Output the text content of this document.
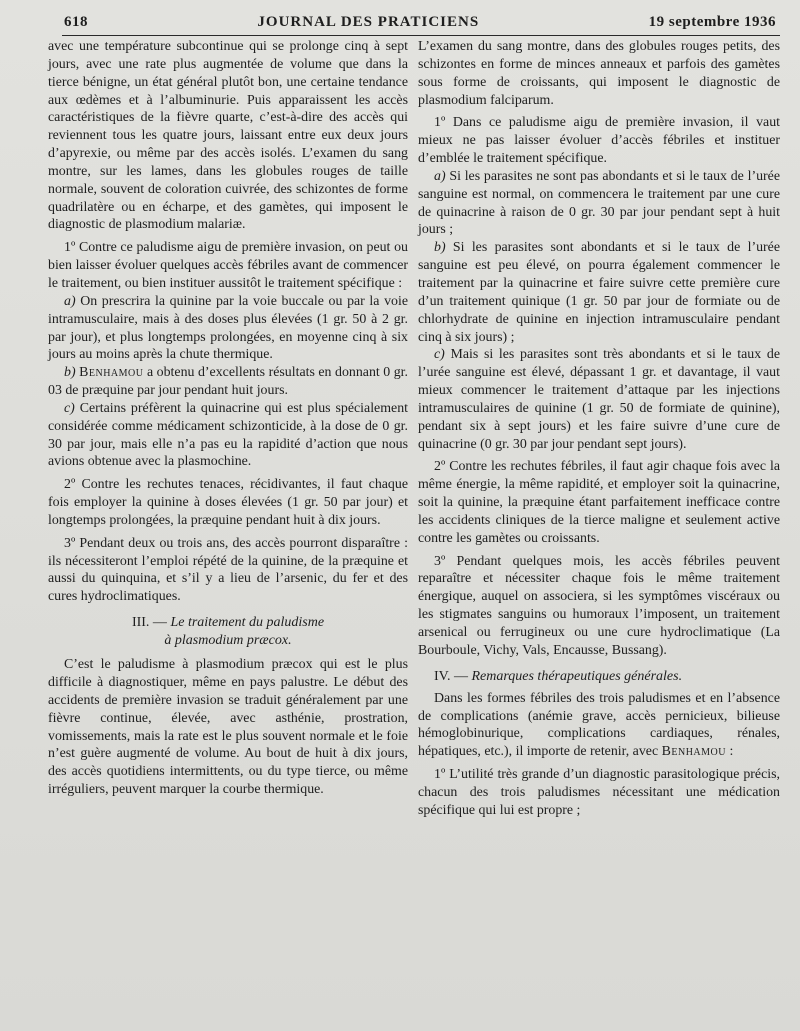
618	JOURNAL DES PRATICIENS	19 septembre 1936

avec une température subcontinue qui se prolonge cinq à sept jours, avec une rate plus augmentée de volume que dans la tierce bénigne, un état général plutôt bon, une certaine tendance aux œdèmes et à l’albuminurie. Puis apparaissent les accès caractéristiques de la fièvre quarte, c’est-à-dire des accès qui reviennent tous les quatre jours, laissant entre eux deux jours d’apyrexie, ou même par des accès isolés. L’examen du sang montre, sur les lames, dans les globules rouges de taille normale, souvent de coloration cuivrée, des schizontes de forme quadrilatère ou en écharpe, et des gamètes, qui imposent le diagnostic de plasmodium malariæ.

1º Contre ce paludisme aigu de première invasion, on peut ou bien laisser évoluer quelques accès fébriles avant de commencer le traitement, ou bien instituer aussitôt le traitement spécifique :

a) On prescrira la quinine par la voie buccale ou par la voie intramusculaire, mais à des doses plus élevées (1 gr. 50 à 2 gr. par jour), et plus longtemps prolongées, en moyenne cinq à six jours au moins après la chute thermique.

b) Benhamou a obtenu d’excellents résultats en donnant 0 gr. 03 de præquine par jour pendant huit jours.

c) Certains préfèrent la quinacrine qui est plus spécialement considérée comme médicament schizonticide, à la dose de 0 gr. 30 par jour, mais elle n’a pas eu la rapidité d’action que nous avions obtenue avec la plasmochine.

2º Contre les rechutes tenaces, récidivantes, il faut chaque fois employer la quinine à doses élevées (1 gr. 50 par jour) et longtemps prolongées, la præquine pendant huit à dix jours.

3º Pendant deux ou trois ans, des accès pourront disparaître : ils nécessiteront l’emploi répété de la quinine, de la præquine et aussi du quinquina, et s’il y a lieu de l’arsenic, du fer et des cures hydroclimatiques.

III. — Le traitement du paludisme
à plasmodium præcox.

C’est le paludisme à plasmodium præcox qui est le plus difficile à diagnostiquer, même en pays palustre. Le début des accidents de première invasion se traduit généralement par une fièvre continue, élevée, avec asthénie, prostration, vomissements, mais la rate est le plus souvent normale et le foie n’est guère augmenté de volume. Au bout de huit à dix jours, des accès quotidiens intermittents, ou du type tierce, ou même irréguliers, peuvent marquer la courbe thermique.

L’examen du sang montre, dans des globules rouges petits, des schizontes en forme de minces anneaux et parfois des gamètes sous forme de croissants, qui imposent le diagnostic de plasmodium falciparum.

1º Dans ce paludisme aigu de première invasion, il vaut mieux ne pas laisser évoluer d’accès fébriles et instituer d’emblée le traitement spécifique.

a) Si les parasites ne sont pas abondants et si le taux de l’urée sanguine est normal, on commencera le traitement par une cure de quinacrine à raison de 0 gr. 30 par jour pendant sept à huit jours ;

b) Si les parasites sont abondants et si le taux de l’urée sanguine est peu élevé, on pourra également commencer le traitement par la quinacrine et faire suivre cette première cure d’un traitement quinique (1 gr. 50 par jour de formiate ou de chlorhydrate de quinine en injection intramusculaire pendant cinq à six jours) ;

c) Mais si les parasites sont très abondants et si le taux de l’urée sanguine est élevé, dépassant 1 gr. et davantage, il vaut mieux commencer le traitement d’attaque par les injections intramusculaires de quinine (1 gr. 50 de formiate de quinine), pendant six à sept jours) et les faire suivre d’une cure de quinacrine (0 gr. 30 par jour pendant sept jours).

2º Contre les rechutes fébriles, il faut agir chaque fois avec la même énergie, la même rapidité, et employer soit la quinacrine, soit la quinine, la præquine étant parfaitement inefficace contre les accidents cliniques de la tierce maligne et seulement active contre les gamètes ou croissants.

3º Pendant quelques mois, les accès fébriles peuvent reparaître et nécessiter chaque fois le même traitement énergique, auquel on associera, si les symptômes viscéraux ou les stigmates sanguins ou humoraux l’imposent, un traitement arsenical ou ferrugineux ou une cure hydroclimatique (La Bourboule, Vichy, Vals, Encausse, Bussang).

IV. — Remarques thérapeutiques générales.

Dans les formes fébriles des trois paludismes et en l’absence de complications (anémie grave, accès pernicieux, bilieuse hémoglobinurique, complications cardiaques, rénales, hépatiques, etc.), il importe de retenir, avec Benhamou :

1º L’utilité très grande d’un diagnostic parasitologique précis, chacun des trois paludismes nécessitant une médication spécifique qui lui est propre ;
